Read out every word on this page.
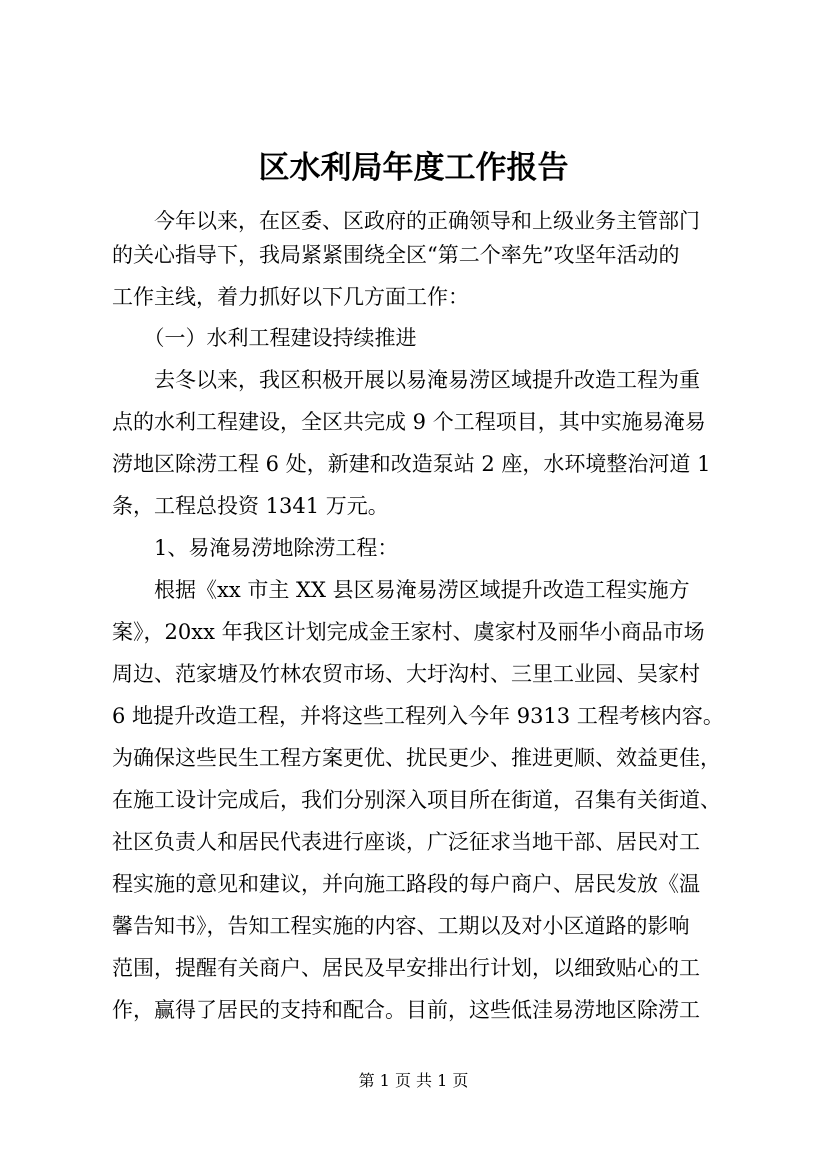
区水利局年度工作报告

　　今年以来，在区委、区政府的正确领导和上级业务主管部门

的关心指导下，我局紧紧围绕全区“第二个率先”攻坚年活动的

工作主线，着力抓好以下几方面工作：

　　（一）水利工程建设持续推进

　　去冬以来，我区积极开展以易淹易涝区域提升改造工程为重

点的水利工程建设，全区共完成 9 个工程项目，其中实施易淹易

涝地区除涝工程 6 处，新建和改造泵站 2 座，水环境整治河道 1

条，工程总投资 1341 万元。

　　1、易淹易涝地除涝工程：

　　根据《xx 市主 XX 县区易淹易涝区域提升改造工程实施方

案》，20xx 年我区计划完成金王家村、虞家村及丽华小商品市场

周边、范家塘及竹林农贸市场、大圩沟村、三里工业园、吴家村

6 地提升改造工程，并将这些工程列入今年 9313 工程考核内容。

为确保这些民生工程方案更优、扰民更少、推进更顺、效益更佳，

在施工设计完成后，我们分别深入项目所在街道，召集有关街道、

社区负责人和居民代表进行座谈，广泛征求当地干部、居民对工

程实施的意见和建议，并向施工路段的每户商户、居民发放《温

馨告知书》，告知工程实施的内容、工期以及对小区道路的影响

范围，提醒有关商户、居民及早安排出行计划，以细致贴心的工

作，赢得了居民的支持和配合。目前，这些低洼易涝地区除涝工

第 1 页 共 1 页
